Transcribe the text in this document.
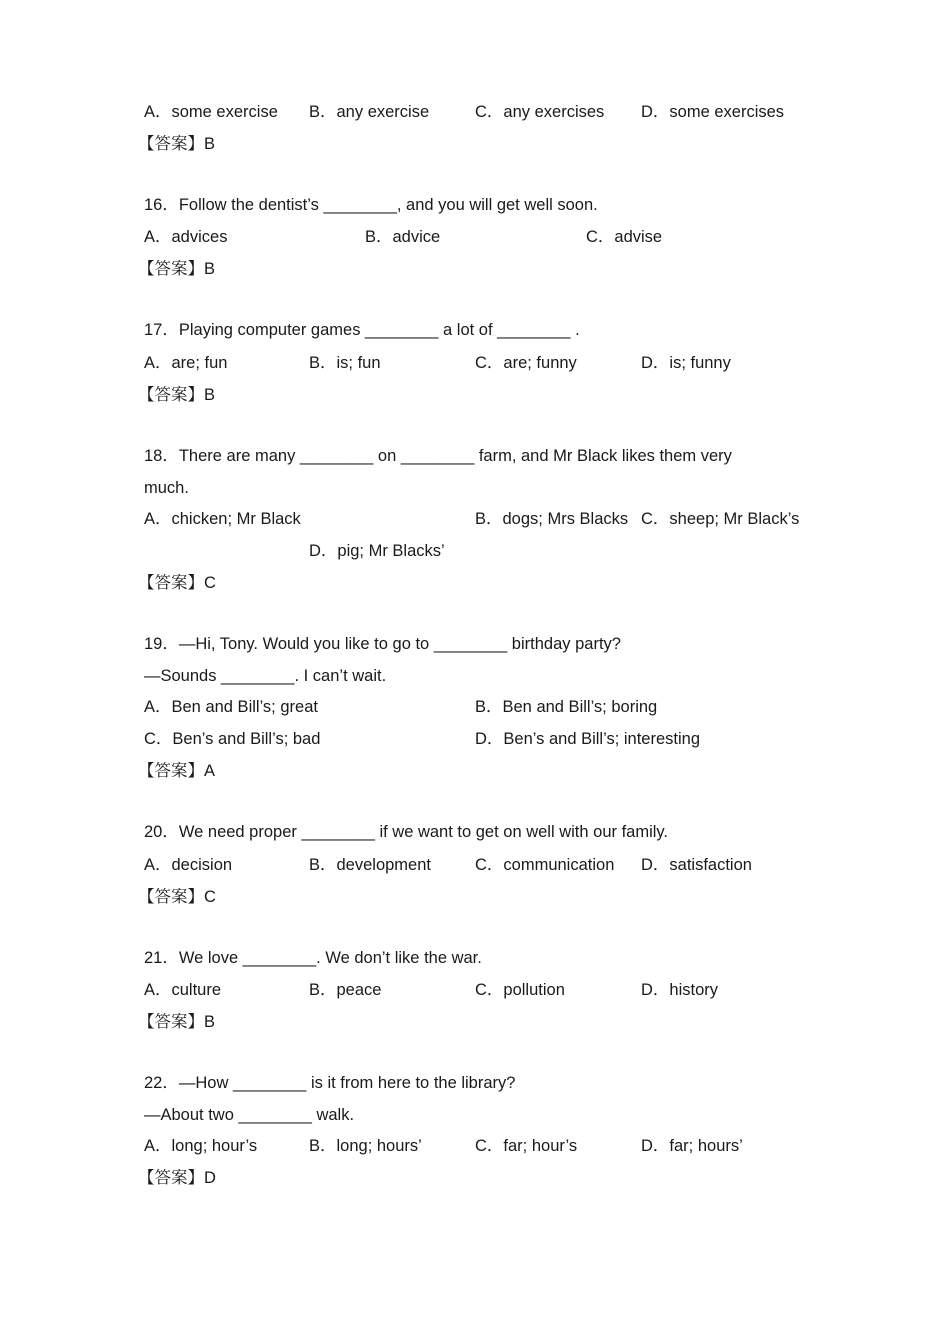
A．some exercise B．any exercise	C．any exercises D．some exercises
【答案】B
16．Follow the dentist’s ________, and you will get well soon.
A．advices	B．advice	C．advise
【答案】B
17．Playing computer games ________ a lot of ________ .
A．are; fun	B．is; fun	C．are; funny	D．is; funny
【答案】B
18．There are many ________ on ________ farm, and Mr Black likes them very
much.
A．chicken; Mr Black	B．dogs; Mrs Blacks C．sheep; Mr Black’s
D．pig; Mr Blacks’
【答案】C
19．—Hi, Tony. Would you like to go to ________ birthday party?
—Sounds ________. I can’t wait.
A．Ben and Bill’s; great	B．Ben and Bill’s; boring
C．Ben’s and Bill’s; bad	D．Ben’s and Bill’s; interesting
【答案】A
20．We need proper ________ if we want to get on well with our family.
A．decision	B．development	C．communication D．satisfaction
【答案】C
21．We love ________. We don’t like the war.
A．culture	B．peace	C．pollution	D．history
【答案】B
22．—How ________ is it from here to the library?
—About two ________ walk.
A．long; hour’s	B．long; hours’	C．far; hour’s	D．far; hours’
【答案】D
